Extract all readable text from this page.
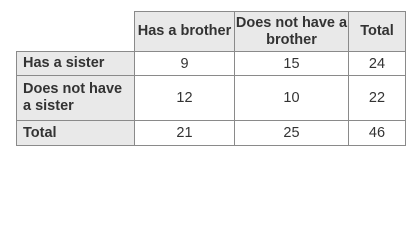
	Has a brother	Does not have a brother	Total
Has a sister	9	15	24
Does not have a sister	12	10	22
Total	21	25	46
